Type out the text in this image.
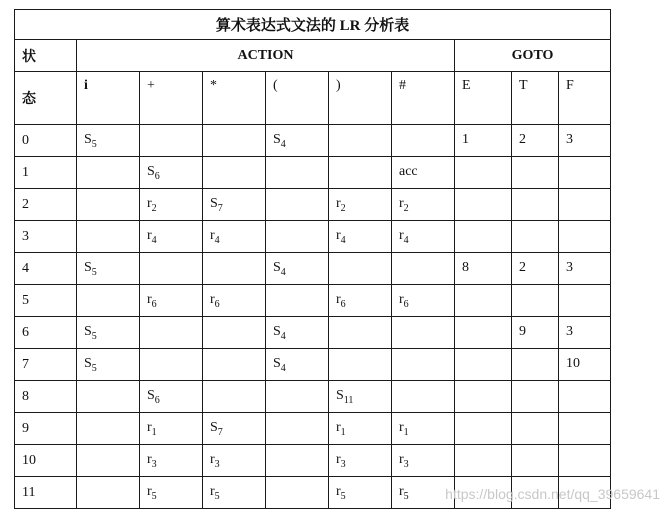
算术表达式文法的 LR 分析表									
状	ACTION						GOTO		
态	i	+	*	(	)	#	E	T	F
0	$S_5$			$S_4$			1	2	3
1		$S_6$				acc			
2		$r_2$	$S_7$		$r_2$	$r_2$			
3		$r_4$	$r_4$		$r_4$	$r_4$			
4	$S_5$			$S_4$			8	2	3
5		$r_6$	$r_6$		$r_6$	$r_6$			
6	$S_5$			$S_4$				9	3
7	$S_5$			$S_4$					10
8		$S_6$			$S_{11}$				
9		$r_1$	$S_7$		$r_1$	$r_1$			
10		$r_3$	$r_3$		$r_3$	$r_3$			
11		$r_5$	$r_5$		$r_5$	$r_5$				https://blog.csdn.net/qq_39659641
